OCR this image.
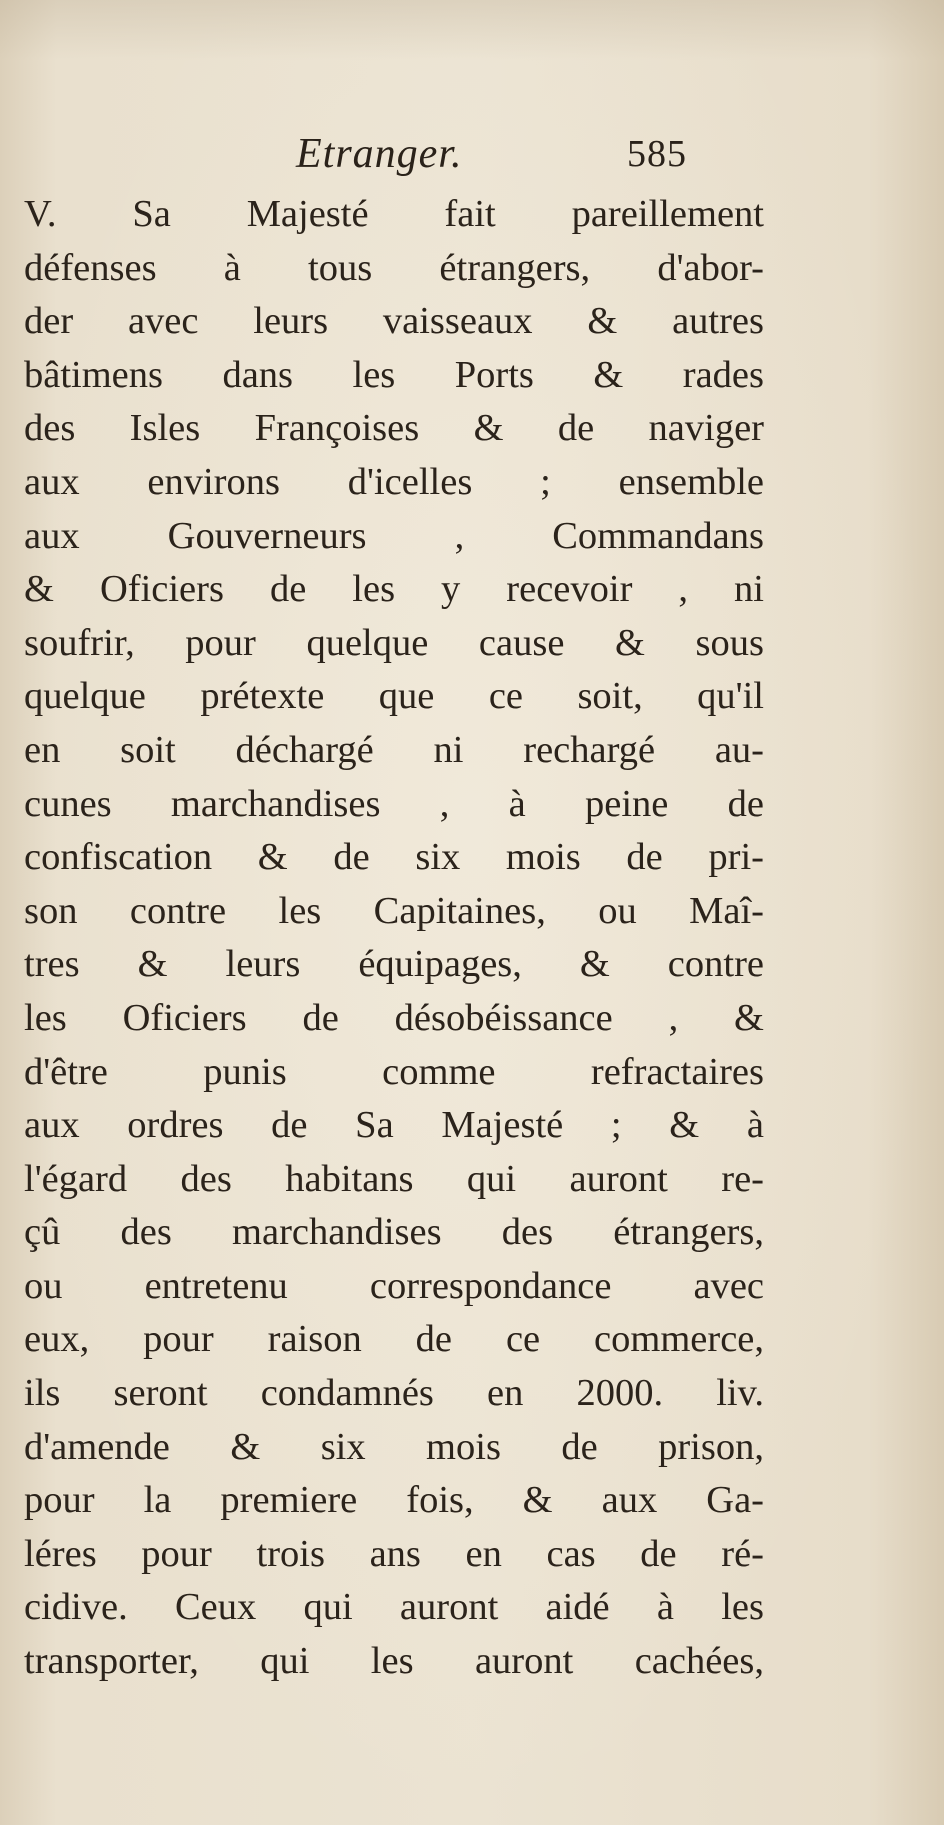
Etranger.	585
V. Sa Majesté fait pareillement
défenses à tous étrangers, d'abor-
der avec leurs vaisseaux & autres
bâtimens dans les Ports & rades
des Isles Françoises & de naviger
aux environs d'icelles ; ensemble
aux Gouverneurs , Commandans
& Oficiers de les y recevoir , ni
soufrir, pour quelque cause & sous
quelque prétexte que ce soit, qu'il
en soit déchargé ni rechargé au-
cunes marchandises , à peine de
confiscation & de six mois de pri-
son contre les Capitaines, ou Maî-
tres & leurs équipages, & contre
les Oficiers de désobéissance , &
d'être punis comme refractaires
aux ordres de Sa Majesté ; & à
l'égard des habitans qui auront re-
çû des marchandises des étrangers,
ou entretenu correspondance avec
eux, pour raison de ce commerce,
ils seront condamnés en 2000. liv.
d'amende & six mois de prison,
pour la premiere fois, & aux Ga-
léres pour trois ans en cas de ré-
cidive. Ceux qui auront aidé à les
transporter, qui les auront cachées,
